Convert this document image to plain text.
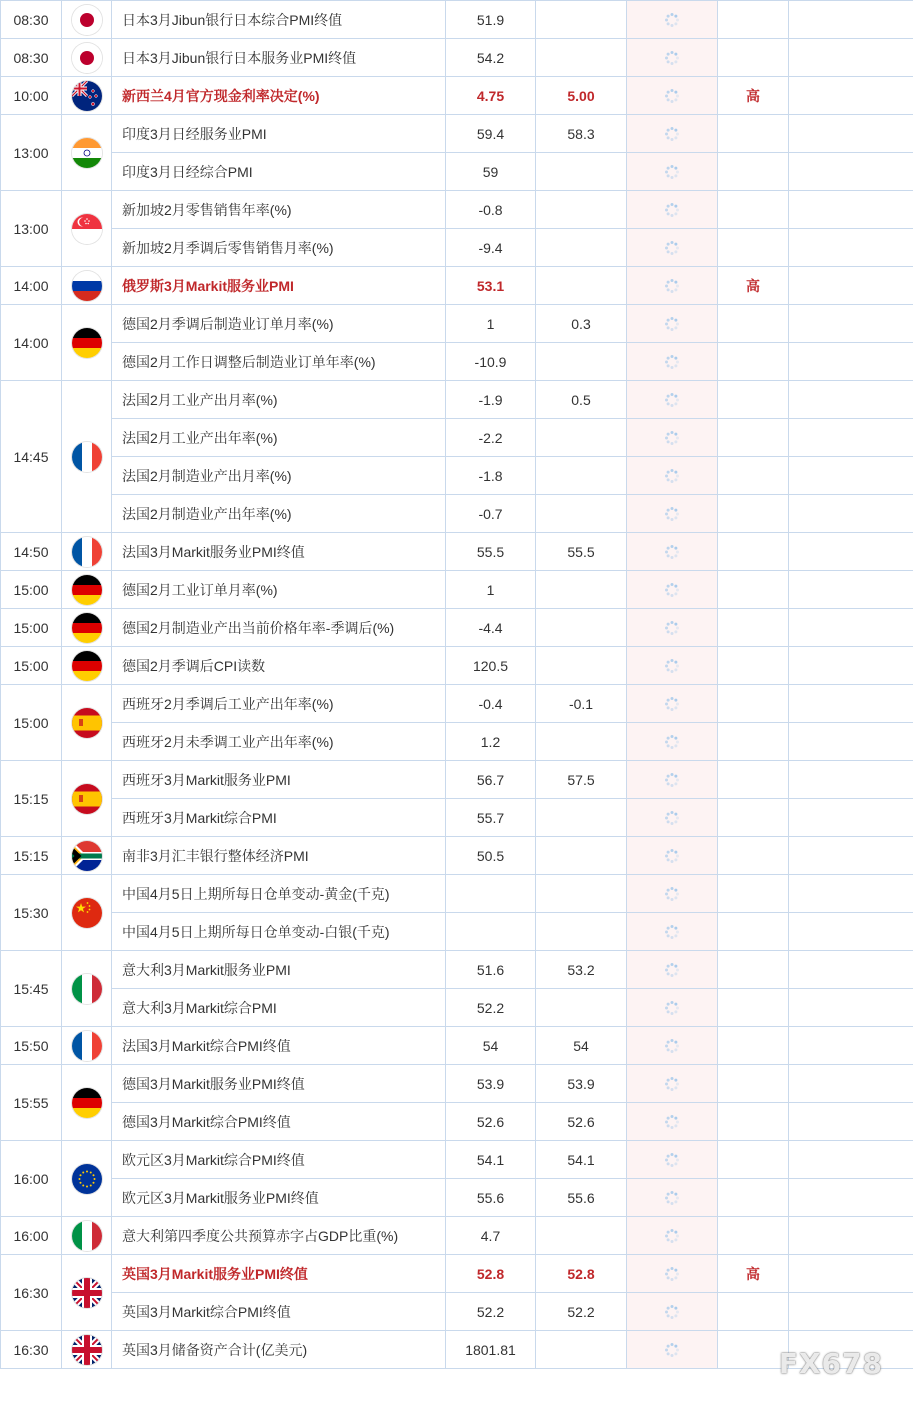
08:30		日本3月Jibun银行日本综合PMI终值	51.9				
08:30		日本3月Jibun银行日本服务业PMI终值	54.2				
10:00		新西兰4月官方现金利率决定(%)	4.75	5.00		高	
13:00		印度3月日经服务业PMI	59.4	58.3			
		印度3月日经综合PMI	59				
13:00		新加坡2月零售销售年率(%)	-0.8				
		新加坡2月季调后零售销售月率(%)	-9.4				
14:00		俄罗斯3月Markit服务业PMI	53.1			高	
14:00		德国2月季调后制造业订单月率(%)	1	0.3			
		德国2月工作日调整后制造业订单年率(%)	-10.9				
14:45		法国2月工业产出月率(%)	-1.9	0.5			
		法国2月工业产出年率(%)	-2.2				
		法国2月制造业产出月率(%)	-1.8				
		法国2月制造业产出年率(%)	-0.7				
14:50		法国3月Markit服务业PMI终值	55.5	55.5			
15:00		德国2月工业订单月率(%)	1				
15:00		德国2月制造业产出当前价格年率-季调后(%)	-4.4				
15:00		德国2月季调后CPI读数	120.5				
15:00		西班牙2月季调后工业产出年率(%)	-0.4	-0.1			
		西班牙2月未季调工业产出年率(%)	1.2				
15:15		西班牙3月Markit服务业PMI	56.7	57.5			
		西班牙3月Markit综合PMI	55.7				
15:15		南非3月汇丰银行整体经济PMI	50.5				
15:30		中国4月5日上期所每日仓单变动-黄金(千克)					
		中国4月5日上期所每日仓单变动-白银(千克)					
15:45		意大利3月Markit服务业PMI	51.6	53.2			
		意大利3月Markit综合PMI	52.2				
15:50		法国3月Markit综合PMI终值	54	54			
15:55		德国3月Markit服务业PMI终值	53.9	53.9			
		德国3月Markit综合PMI终值	52.6	52.6			
16:00		欧元区3月Markit综合PMI终值	54.1	54.1			
		欧元区3月Markit服务业PMI终值	55.6	55.6			
16:00		意大利第四季度公共预算赤字占GDP比重(%)	4.7				
16:30		英国3月Markit服务业PMI终值	52.8	52.8		高	
		英国3月Markit综合PMI终值	52.2	52.2			
16:30		英国3月储备资产合计(亿美元)	1801.81					FX678
